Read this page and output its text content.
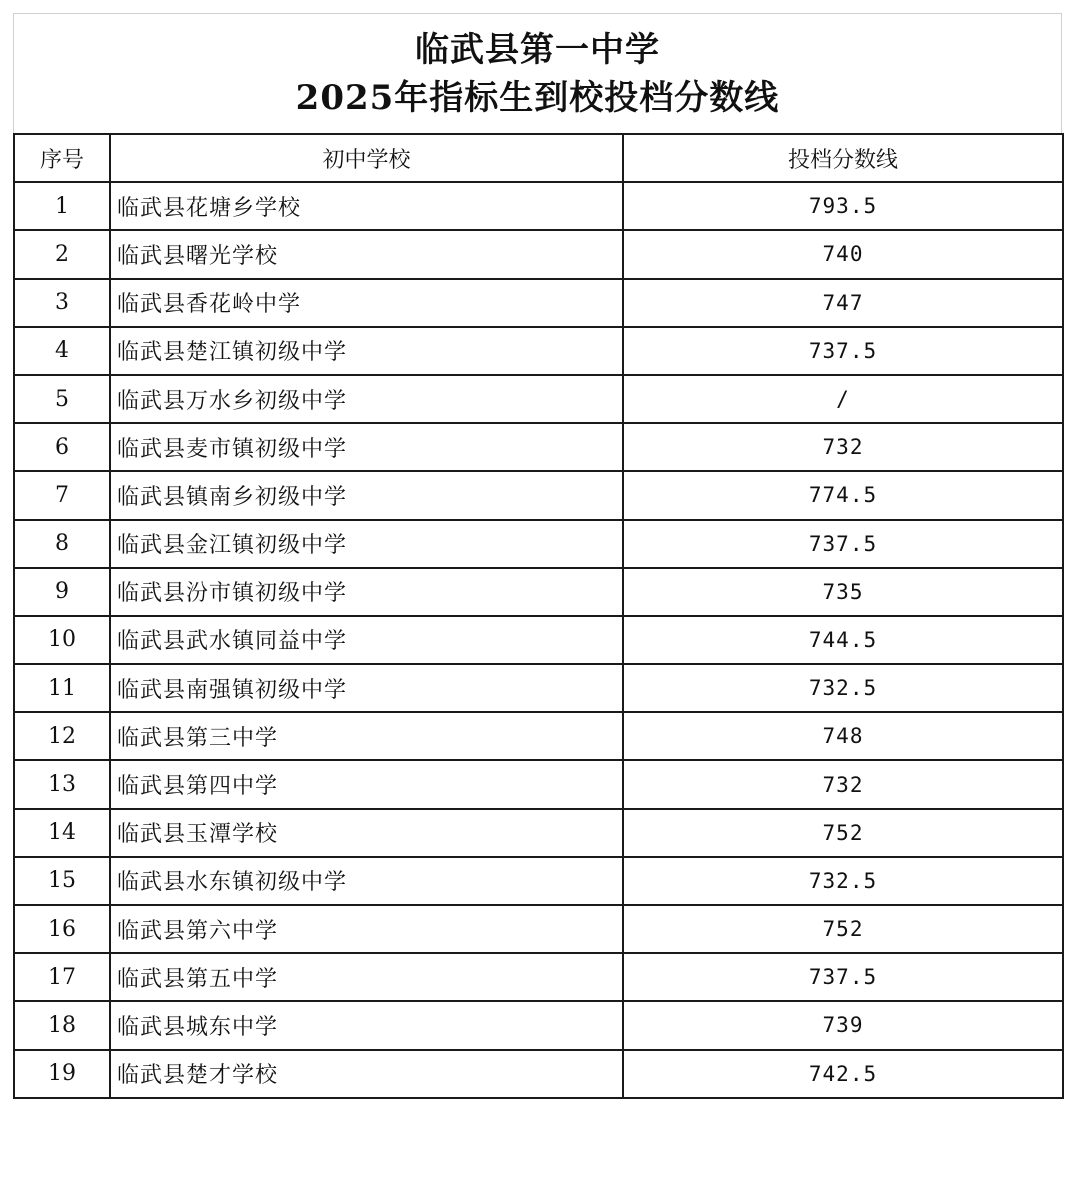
临武县第一中学
2025年指标生到校投档分数线
序号	初中学校	投档分数线
1	临武县花塘乡学校	793.5
2	临武县曙光学校	740
3	临武县香花岭中学	747
4	临武县楚江镇初级中学	737.5
5	临武县万水乡初级中学	/
6	临武县麦市镇初级中学	732
7	临武县镇南乡初级中学	774.5
8	临武县金江镇初级中学	737.5
9	临武县汾市镇初级中学	735
10	临武县武水镇同益中学	744.5
11	临武县南强镇初级中学	732.5
12	临武县第三中学	748
13	临武县第四中学	732
14	临武县玉潭学校	752
15	临武县水东镇初级中学	732.5
16	临武县第六中学	752
17	临武县第五中学	737.5
18	临武县城东中学	739
19	临武县楚才学校	742.5
